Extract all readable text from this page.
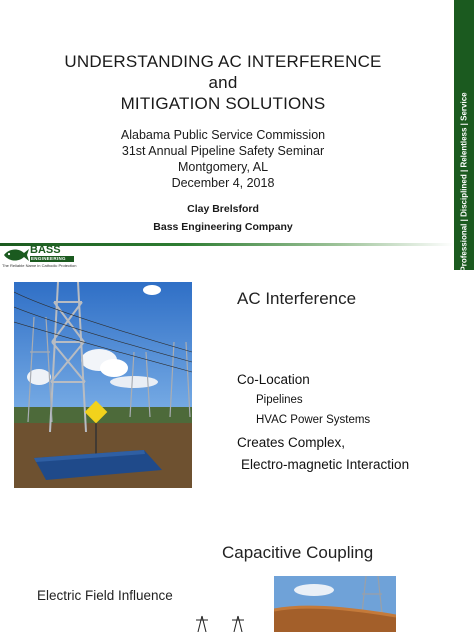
Professional | Disciplined | Relentless | Service
UNDERSTANDING AC INTERFERENCE
and
MITIGATION SOLUTIONS
Alabama Public Service Commission
31st Annual Pipeline Safety Seminar
Montgomery, AL
December 4, 2018
Clay Brelsford
Bass Engineering Company
BASS
ENGINEERING
The Reliable Name in Cathodic Protection
AC Interference
Co-Location
Pipelines
HVAC Power Systems
Creates Complex,
Electro-magnetic Interaction
Capacitive Coupling
Electric Field Influence
